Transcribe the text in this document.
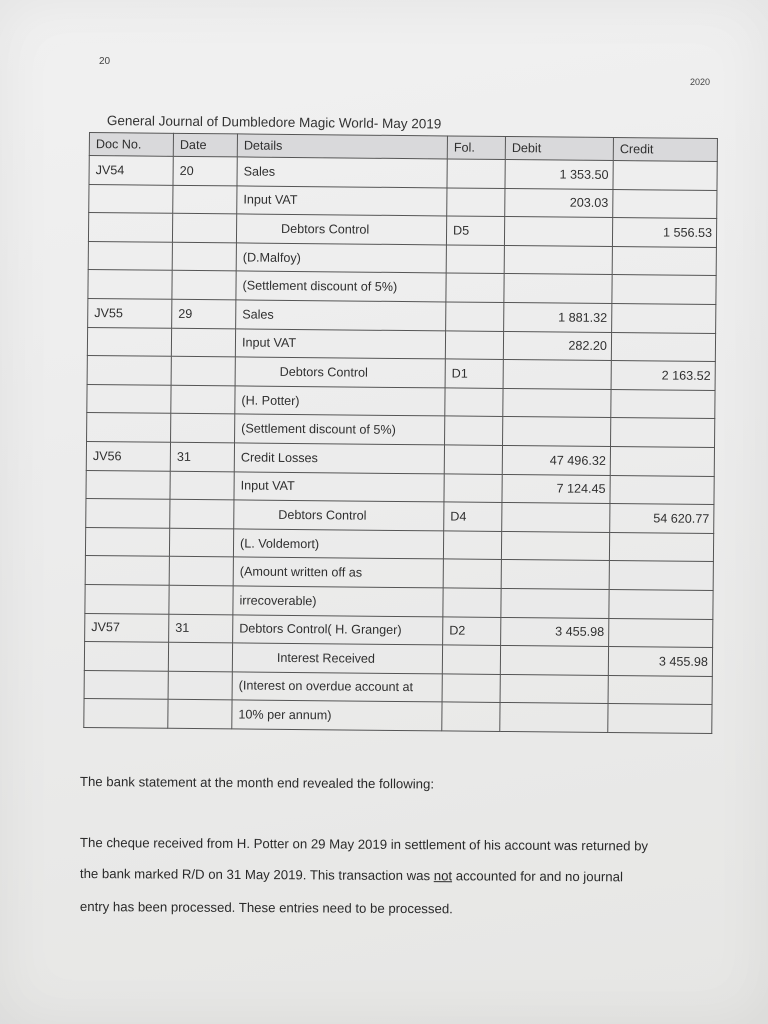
20
2020
General Journal of Dumbledore Magic World- May 2019
Doc No.	Date	Details	Fol.	Debit	Credit
JV54	20	Sales		1 353.50	
		Input VAT		203.03	
		Debtors Control	D5		1 556.53
		(D.Malfoy)			
		(Settlement discount of 5%)			
JV55	29	Sales		1 881.32	
		Input VAT		282.20	
		Debtors Control	D1		2 163.52
		(H. Potter)			
		(Settlement discount of 5%)			
JV56	31	Credit Losses		47 496.32	
		Input VAT		7 124.45	
		Debtors Control	D4		54 620.77
		(L. Voldemort)			
		(Amount written off as			
		irrecoverable)			
JV57	31	Debtors Control( H. Granger)	D2	3 455.98	
		Interest Received			3 455.98
		(Interest on overdue account at			
		10% per annum)			
The bank statement at the month end revealed the following:
The cheque received from H. Potter on 29 May 2019 in settlement of his account was returned by
the bank marked R/D on 31 May 2019. This transaction was not accounted for and no journal
entry has been processed. These entries need to be processed.
